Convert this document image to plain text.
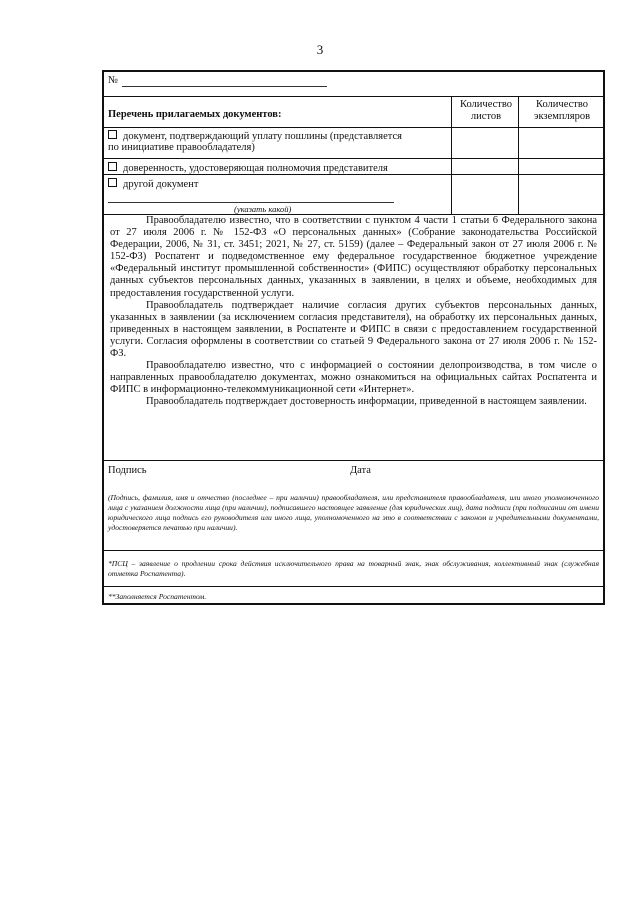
3
№
Перечень прилагаемых документов:
Количество листов
Количество экземпляров
документ, подтверждающий уплату пошлины (представляется
по инициативе правообладателя)
доверенность, удостоверяющая полномочия представителя
другой документ
(указать какой)

Правообладателю известно, что в соответствии с пунктом 4 части 1 статьи 6 Федерального закона от 27 июля 2006 г. № 152-ФЗ «О персональных данных» (Собрание законодательства Российской Федерации, 2006, № 31, ст. 3451; 2021, № 27, ст. 5159) (далее – Федеральный закон от 27 июля 2006 г. № 152-ФЗ) Роспатент и подведомственное ему федеральное государственное бюджетное учреждение «Федеральный институт промышленной собственности» (ФИПС) осуществляют обработку персональных данных субъектов персональных данных, указанных в заявлении, в целях и объеме, необходимых для предоставления государственной услуги.

Правообладатель подтверждает наличие согласия других субъектов персональных данных, указанных в заявлении (за исключением согласия представителя), на обработку их персональных данных, приведенных в настоящем заявлении, в Роспатенте и ФИПС в связи с предоставлением государственной услуги. Согласия оформлены в соответствии со статьей 9 Федерального закона от 27 июля 2006 г. № 152-ФЗ.

Правообладателю известно, что с информацией о состоянии делопроизводства, в том числе о направленных правообладателю документах, можно ознакомиться на официальных сайтах Роспатента и ФИПС в информационно-телекоммуникационной сети «Интернет».

Правообладатель подтверждает достоверность информации, приведенной в настоящем заявлении.

Подпись	Дата
(Подпись, фамилия, имя и отчество (последнее – при наличии) правообладателя, или представителя правообладателя, или иного уполномоченного лица с указанием должности лица (при наличии), подписавшего настоящее заявление (для юридических лиц), дата подписи (при подписании от имени юридического лица подпись его руководителя или иного лица, уполномоченного на это в соответствии с законом и учредительными документами, удостоверяется печатью при наличии).
*ПСЦ – заявление о продлении срока действия исключительного права на товарный знак, знак обслуживания, коллективный знак (служебная отметка Роспатента).
**Заполняется Роспатентом.
